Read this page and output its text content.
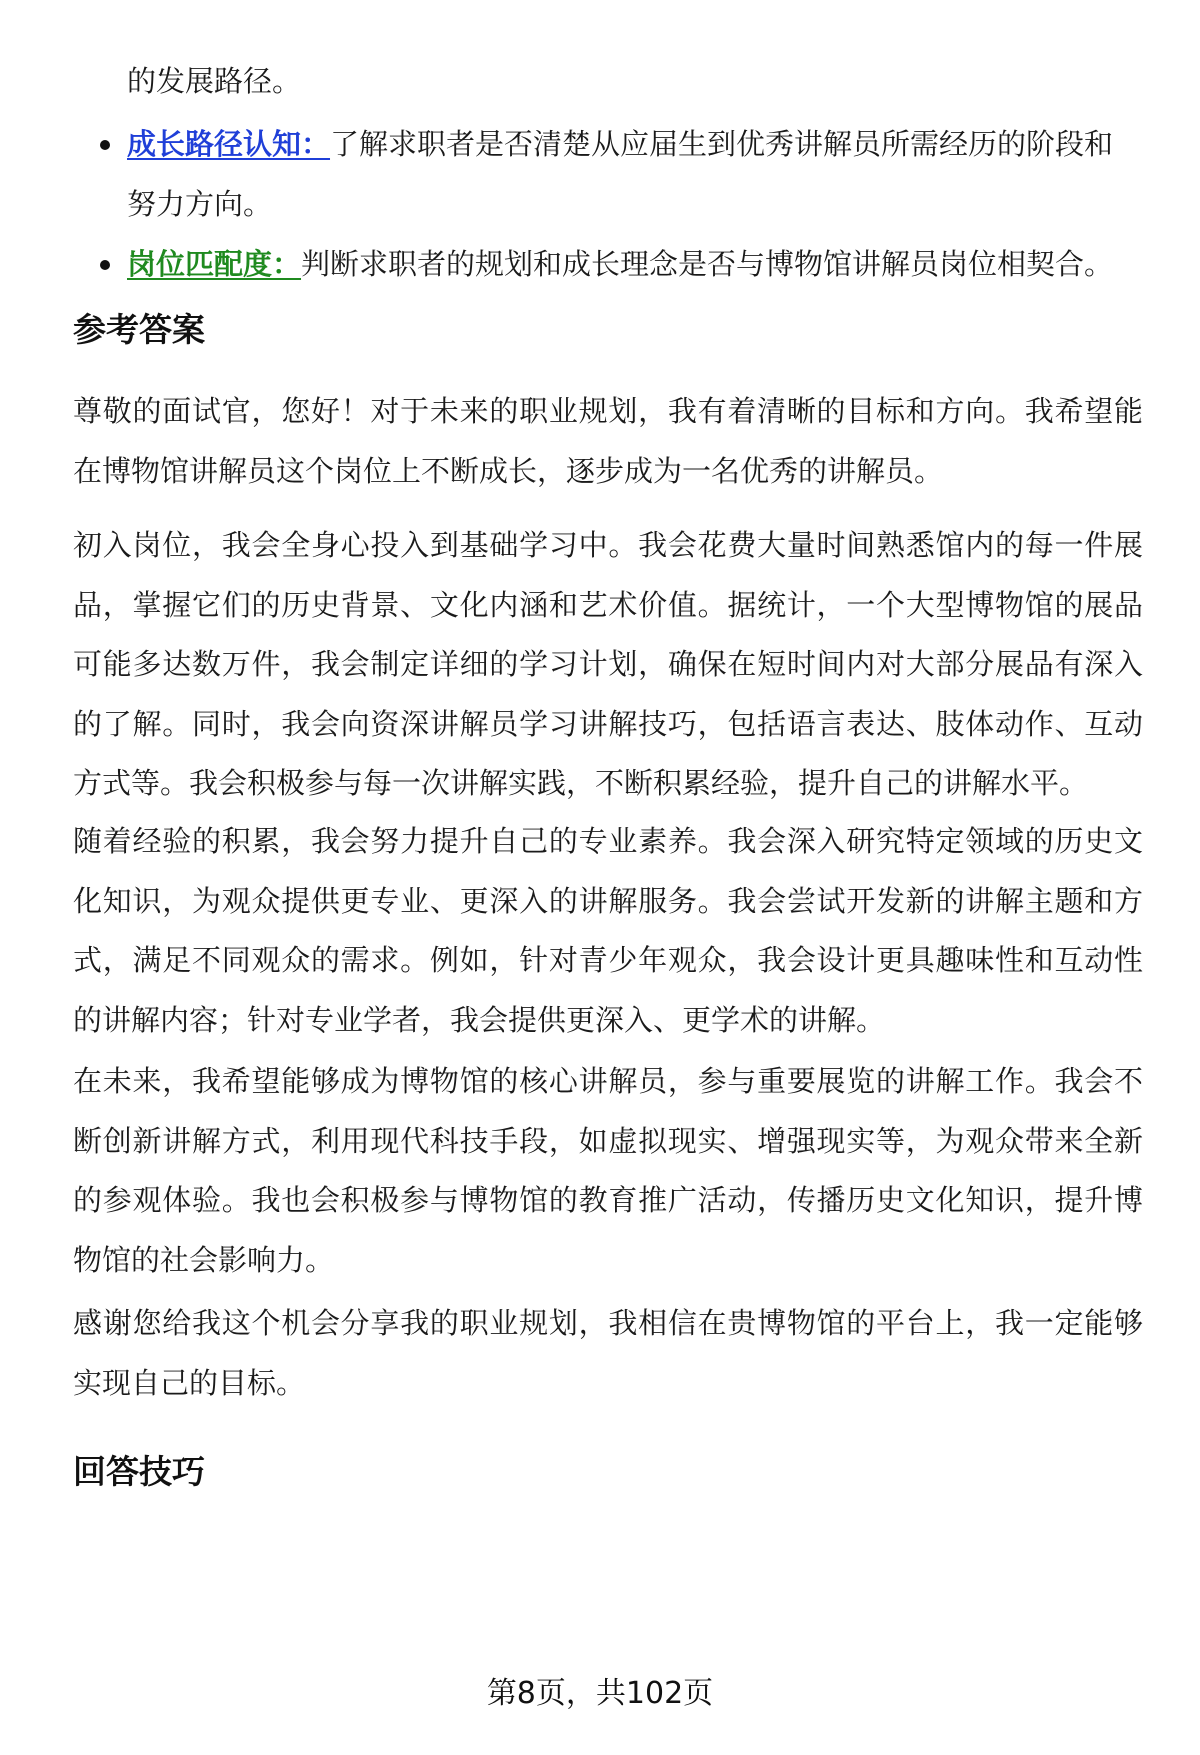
的发展路径。

成长路径认知：了解求职者是否清楚从应届生到优秀讲解员所需经历的阶段和努力方向。
岗位匹配度：判断求职者的规划和成长理念是否与博物馆讲解员岗位相契合。
参考答案

尊敬的面试官，您好！对于未来的职业规划，我有着清晰的目标和方向。我希望能在博物馆讲解员这个岗位上不断成长，逐步成为一名优秀的讲解员。

初入岗位，我会全身心投入到基础学习中。我会花费大量时间熟悉馆内的每一件展品，掌握它们的历史背景、文化内涵和艺术价值。据统计，一个大型博物馆的展品可能多达数万件，我会制定详细的学习计划，确保在短时间内对大部分展品有深入的了解。同时，我会向资深讲解员学习讲解技巧，包括语言表达、肢体动作、互动方式等。我会积极参与每一次讲解实践，不断积累经验，提升自己的讲解水平。

随着经验的积累，我会努力提升自己的专业素养。我会深入研究特定领域的历史文化知识，为观众提供更专业、更深入的讲解服务。我会尝试开发新的讲解主题和方式，满足不同观众的需求。例如，针对青少年观众，我会设计更具趣味性和互动性的讲解内容；针对专业学者，我会提供更深入、更学术的讲解。

在未来，我希望能够成为博物馆的核心讲解员，参与重要展览的讲解工作。我会不断创新讲解方式，利用现代科技手段，如虚拟现实、增强现实等，为观众带来全新的参观体验。我也会积极参与博物馆的教育推广活动，传播历史文化知识，提升博物馆的社会影响力。

感谢您给我这个机会分享我的职业规划，我相信在贵博物馆的平台上，我一定能够实现自己的目标。

回答技巧

第8页，共102页
